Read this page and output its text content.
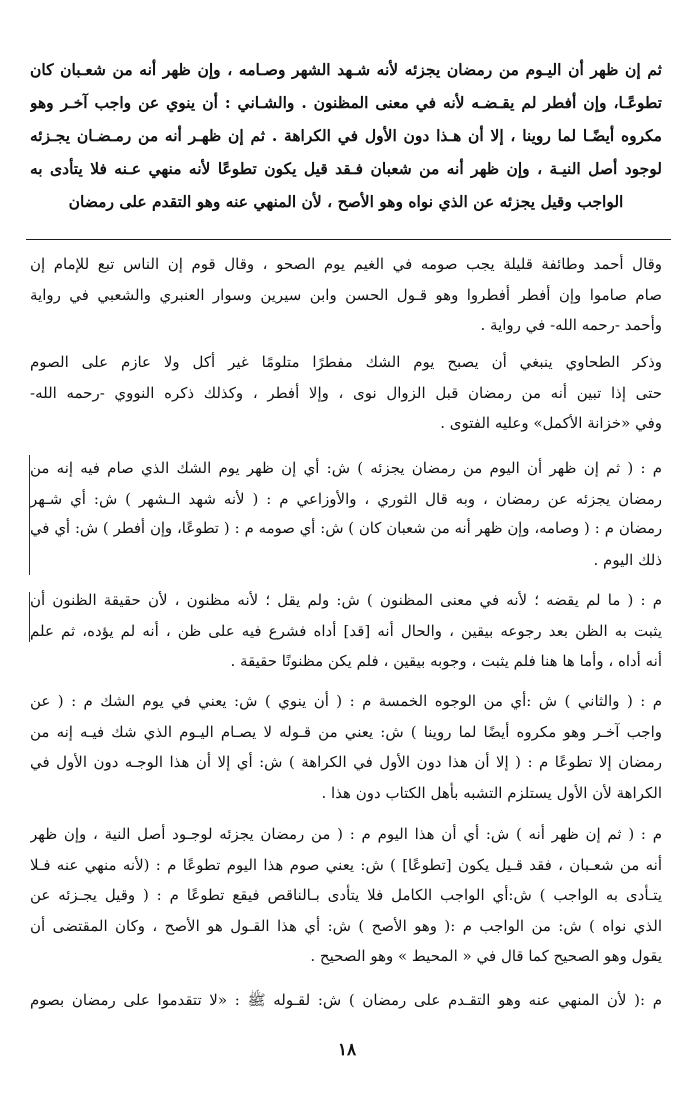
ثم إن ظهر أن اليـوم من رمضان يجزئه لأنه شـهد الشهر وصـامه ، وإن ظهر أنه من شعـبان كان
تطوعًـا، وإن أفطر لم يقـضـه لأنه في معنى المظنون . والشـاني : أن ينوي عن واجب آخـر وهو
مكروه أيضًـا لما روينا ، إلا أن هـذا دون الأول في الكراهة . ثم إن ظهـر أنه من رمـضـان يجـزئه
لوجود أصل النيـة ، وإن ظهر أنه من شعبان فـقد قيل يكون تطوعًا لأنه منهي عـنه فلا يتأدى به
الواجب وقيل يجزئه عن الذي نواه وهو الأصح ، لأن المنهي عنه وهو التقدم على رمضان
وقال أحمد وطائفة قليلة يجب صومه في الغيم يوم الصحو ، وقال قوم إن الناس تبع للإمام إن
صام صاموا وإن أفطر أفطروا وهو قـول الحسن وابن سيرين وسوار العنبري والشعبي في رواية
وأحمد -رحمه الله- في رواية .
وذكر الطحاوي ينبغي أن يصبح يوم الشك مفطرًا متلومًا غير أكل ولا عازم على الصوم
حتى إذا تبين أنه من رمضان قبل الزوال نوى ، وإلا أفطر ، وكذلك ذكره النووي -رحمه الله-
وفي «خزانة الأكمل» وعليه الفتوى .
م : ( ثم إن ظهر أن اليوم من رمضان يجزئه ) ش: أي إن ظهر يوم الشك الذي صام فيه إنه من
رمضان يجزئه عن رمضان ، وبه قال الثوري ، والأوزاعي م : ( لأنه شهد الـشهر ) ش: أي شـهر
رمضان م : ( وصامه، وإن ظهر أنه من شعبان كان ) ش: أي صومه م : ( تطوعًا، وإن أفطر ) ش: أي في
ذلك اليوم .
م : ( ما لم يقضه ؛ لأنه في معنى المظنون ) ش: ولم يقل ؛ لأنه مظنون ، لأن حقيقة الظنون أن
يثبت به الظن بعد رجوعه بيقين ، والحال أنه [قد] أداه فشرع فيه على ظن ، أنه لم يؤده، ثم علم
أنه أداه ، وأما ها هنا فلم يثبت ، وجوبه بيقين ، فلم يكن مظنونًا حقيقة .
م : ( والثاني ) ش :أي من الوجوه الخمسة م : ( أن ينوي ) ش: يعني في يوم الشك م : ( عن
واجب آخـر وهو مكروه أيضًا لما روينا ) ش: يعني من قـوله لا يصـام اليـوم الذي شك فيـه إنه من
رمضان إلا تطوعًا م : ( إلا أن هذا دون الأول في الكراهة ) ش: أي إلا أن هذا الوجـه دون الأول في
الكراهة لأن الأول يستلزم التشبه بأهل الكتاب دون هذا .
م : ( ثم إن ظهر أنه ) ش: أي أن هذا اليوم م : ( من رمضان يجزئه لوجـود أصل النية ، وإن ظهر
أنه من شعـبان ، فقد قـيل يكون [تطوعًا] ) ش: يعني صوم هذا اليوم تطوعًا م : (لأنه منهي عنه فـلا
يتـأدى به الواجب ) ش:أي الواجب الكامل فلا يتأدى بـالناقص فيقع تطوعًا م : ( وقيل يجـزئه عن
الذي نواه ) ش: من الواجب م :( وهو الأصح ) ش: أي هذا القـول هو الأصح ، وكان المقتضى أن
يقول وهو الصحيح كما قال في « المحيط » وهو الصحيح .
م :( لأن المنهي عنه وهو التقـدم على رمضان ) ش: لقـوله ﷺ : «لا تتقدموا على رمضان بصوم
١٨
